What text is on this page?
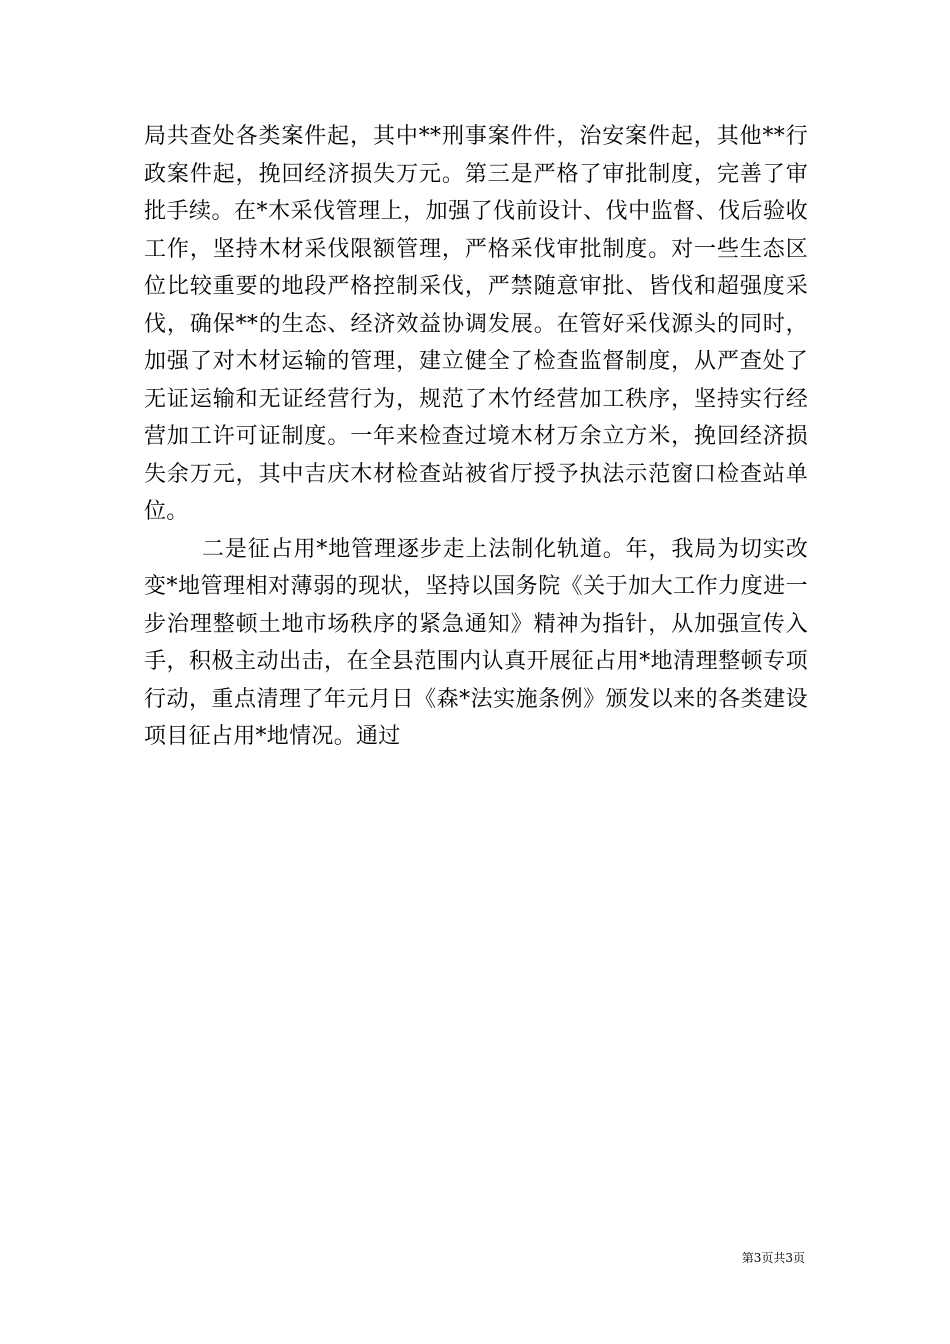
局共查处各类案件起，其中**刑事案件件，治安案件起，其他**行政案件起，挽回经济损失万元。第三是严格了审批制度，完善了审批手续。在*木采伐管理上，加强了伐前设计、伐中监督、伐后验收工作，坚持木材采伐限额管理，严格采伐审批制度。对一些生态区位比较重要的地段严格控制采伐，严禁随意审批、皆伐和超强度采伐，确保**的生态、经济效益协调发展。在管好采伐源头的同时，加强了对木材运输的管理，建立健全了检查监督制度，从严查处了无证运输和无证经营行为，规范了木竹经营加工秩序，坚持实行经营加工许可证制度。一年来检查过境木材万余立方米，挽回经济损失余万元，其中吉庆木材检查站被省厅授予执法示范窗口检查站单位。

二是征占用*地管理逐步走上法制化轨道。年，我局为切实改变*地管理相对薄弱的现状，坚持以国务院《关于加大工作力度进一步治理整顿土地市场秩序的紧急通知》精神为指针，从加强宣传入手，积极主动出击，在全县范围内认真开展征占用*地清理整顿专项行动，重点清理了年元月日《森*法实施条例》颁发以来的各类建设项目征占用*地情况。通过

第3页共3页
